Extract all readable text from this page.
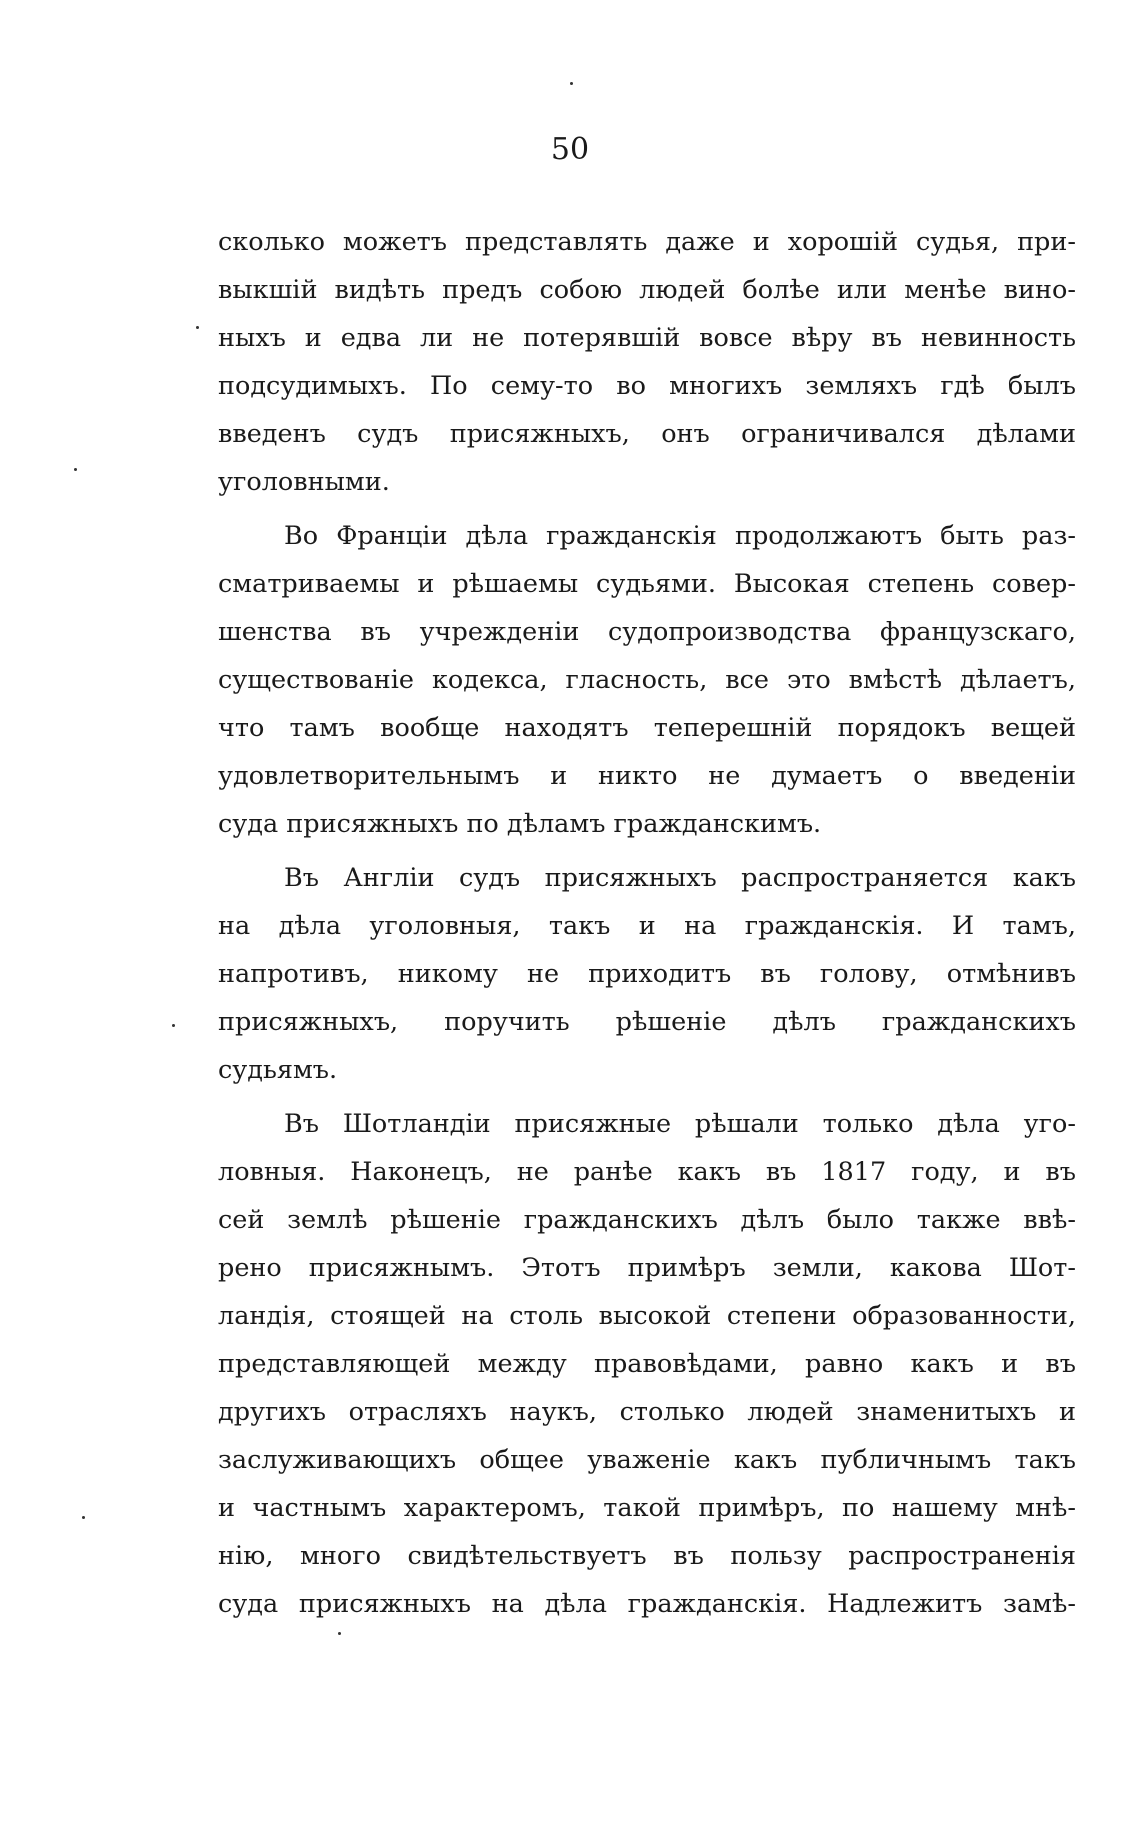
50
сколько можетъ представлять даже и хорошiй судья, при-
выкшiй видѣть предъ собою людей болѣе или менѣе вино-
ныхъ и едва ли не потерявшiй вовсе вѣру въ невинность
подсудимыхъ. По сему-то во многихъ земляхъ гдѣ былъ
введенъ судъ присяжныхъ, онъ ограничивался дѣлами
уголовными.
Во Францiи дѣла гражданскiя продолжаютъ быть раз-
сматриваемы и рѣшаемы судьями. Высокая степень совер-
шенства въ учрежденiи судопроизводства французскаго,
существованiе кодекса, гласность, все это вмѣстѣ дѣлаетъ,
что тамъ вообще находятъ теперешнiй порядокъ вещей
удовлетворительнымъ и никто не думаетъ о введенiи
суда присяжныхъ по дѣламъ гражданскимъ.
Въ Англiи судъ присяжныхъ распространяется какъ
на дѣла уголовныя, такъ и на гражданскiя. И тамъ,
напротивъ, никому не приходитъ въ голову, отмѣнивъ
присяжныхъ, поручить рѣшенiе дѣлъ гражданскихъ
судьямъ.
Въ Шотландiи присяжные рѣшали только дѣла уго-
ловныя. Наконецъ, не ранѣе какъ въ 1817 году, и въ
сей землѣ рѣшенiе гражданскихъ дѣлъ было также ввѣ-
рено присяжнымъ. Этотъ примѣръ земли, какова Шот-
ландiя, стоящей на столь высокой степени образованности,
представляющей между правовѣдами, равно какъ и въ
другихъ отрасляхъ наукъ, столько людей знаменитыхъ и
заслуживающихъ общее уваженiе какъ публичнымъ такъ
и частнымъ характеромъ, такой примѣръ, по нашему мнѣ-
нiю, много свидѣтельствуетъ въ пользу распространенiя
суда присяжныхъ на дѣла гражданскiя. Надлежитъ замѣ-
